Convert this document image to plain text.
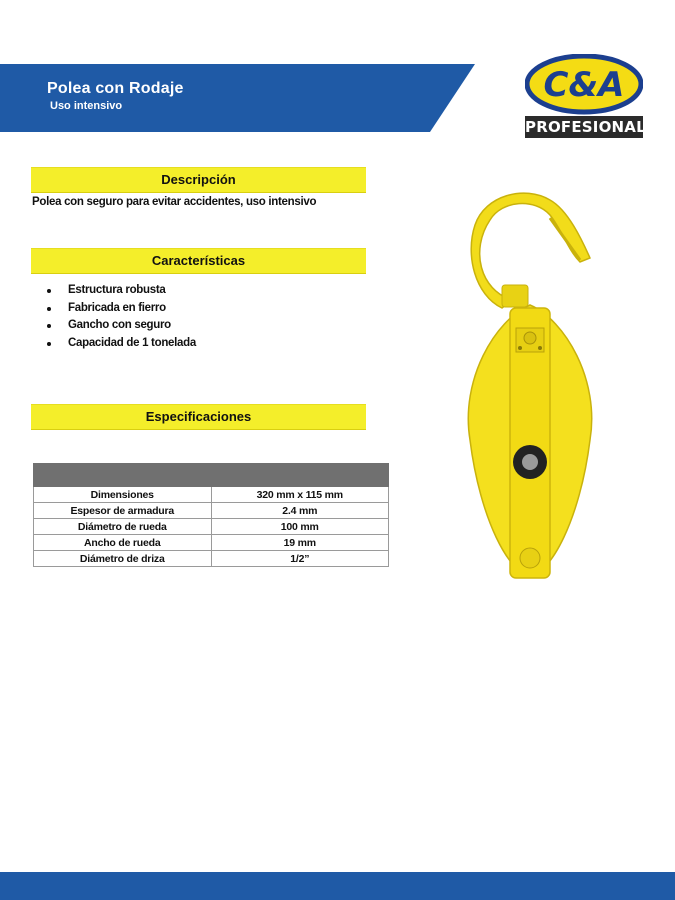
Polea con Rodaje
Uso intensivo
C&A
PROFESIONAL
Descripción
Polea con seguro para evitar accidentes, uso intensivo
Características
Estructura robusta
Fabricada en fierro
Gancho con seguro
Capacidad de 1 tonelada
Especificaciones

Dimensiones	320 mm x 115 mm
Espesor de armadura	2.4 mm
Diámetro de rueda	100 mm
Ancho de rueda	19 mm
Diámetro de driza	1/2”
